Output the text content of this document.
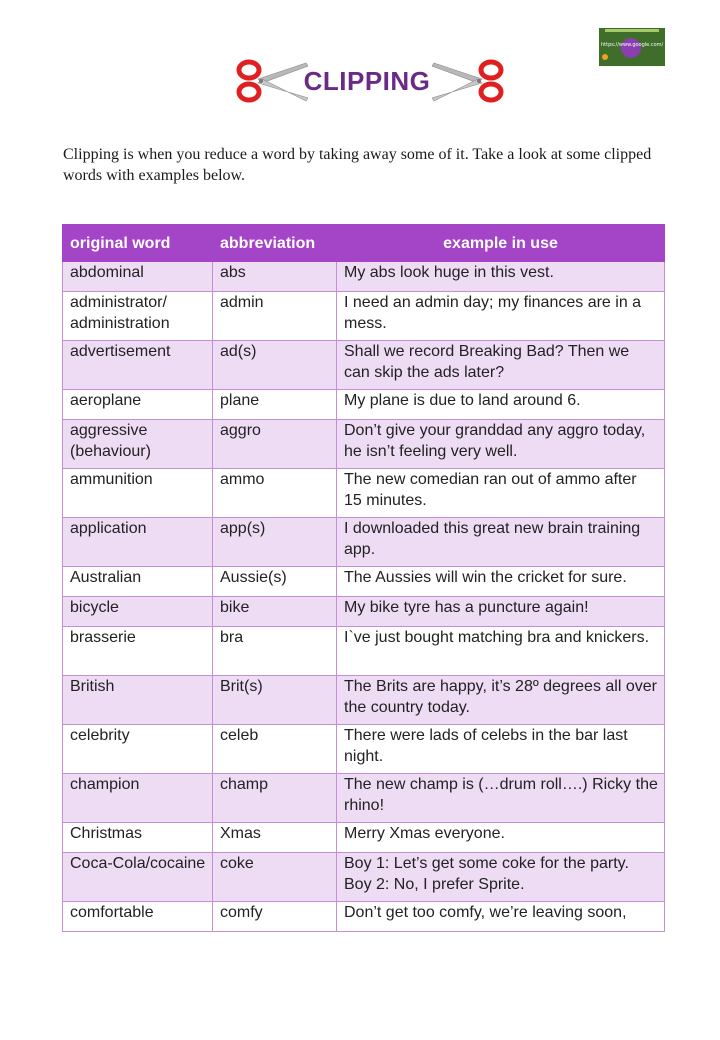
https://www.google.com/
CLIPPING

Clipping is when you reduce a word by taking away some of it. Take a look at some clipped words with examples below.

original word	abbreviation	example in use
abdominal	abs	My abs look huge in this vest.
administrator/ administration	admin	I need an admin day; my finances are in a mess.
advertisement	ad(s)	Shall we record Breaking Bad? Then we can skip the ads later?
aeroplane	plane	My plane is due to land around 6.
aggressive (behaviour)	aggro	Don’t give your granddad any aggro today, he isn’t feeling very well.
ammunition	ammo	The new comedian ran out of ammo after 15 minutes.
application	app(s)	I downloaded this great new brain training app.
Australian	Aussie(s)	The Aussies will win the cricket for sure.
bicycle	bike	My bike tyre has a puncture again!
brasserie	bra	I`ve just bought matching bra and knickers.
British	Brit(s)	The Brits are happy, it’s 28º degrees all over the country today.
celebrity	celeb	There were lads of celebs in the bar last night.
champion	champ	The new champ is (…drum roll….) Ricky the rhino!
Christmas	Xmas	Merry Xmas everyone.
Coca-Cola/cocaine	coke	Boy 1: Let’s get some coke for the party. Boy 2: No, I prefer Sprite.
comfortable	comfy	Don’t get too comfy, we’re leaving soon,
